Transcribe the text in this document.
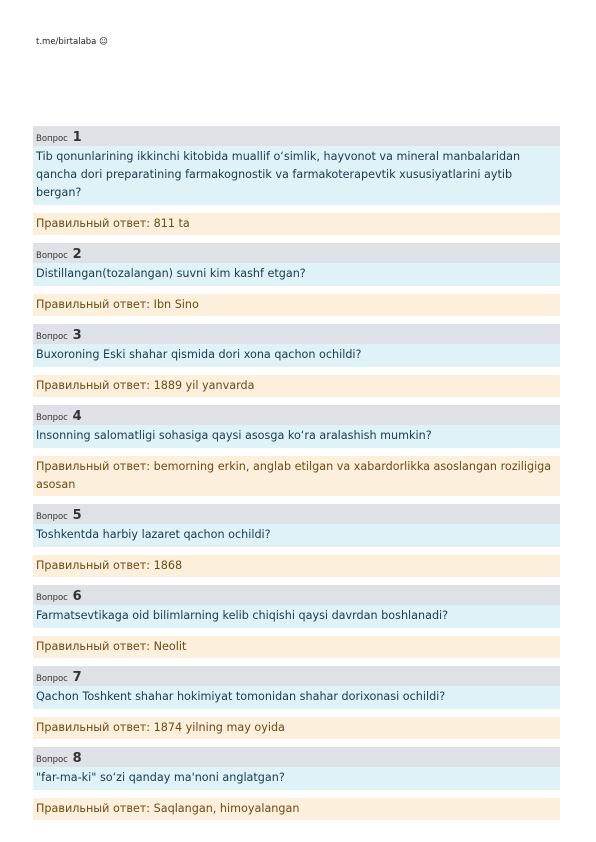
t.me/birtalaba ☺
Вопрос 1
Tib qonunlarining ikkinchi kitobida muallif o‘simlik, hayvonot va mineral manbalaridan qancha dori preparatining farmakognostik va farmakoterapevtik xususiyatlarini aytib bergan?
Правильный ответ: 811 ta
Вопрос 2
Distillangan(tozalangan) suvni kim kashf etgan?
Правильный ответ: Ibn Sino
Вопрос 3
Buxoroning Eski shahar qismida dori xona qachon ochildi?
Правильный ответ: 1889 yil yanvarda
Вопрос 4
Insonning salomatligi sohasiga qaysi asosga ko‘ra aralashish mumkin?
Правильный ответ: bemorning erkin, anglab etilgan va xabardorlikka asoslangan roziligiga asosan
Вопрос 5
Toshkentda harbiy lazaret qachon ochildi?
Правильный ответ: 1868
Вопрос 6
Farmatsevtikaga oid bilimlarning kelib chiqishi qaysi davrdan boshlanadi?
Правильный ответ: Neolit
Вопрос 7
Qachon Toshkent shahar hokimiyat tomonidan shahar dorixonasi ochildi?
Правильный ответ: 1874 yilning may oyida
Вопрос 8
"far-ma-ki" so‘zi qanday ma'noni anglatgan?
Правильный ответ: Saqlangan, himoyalangan
